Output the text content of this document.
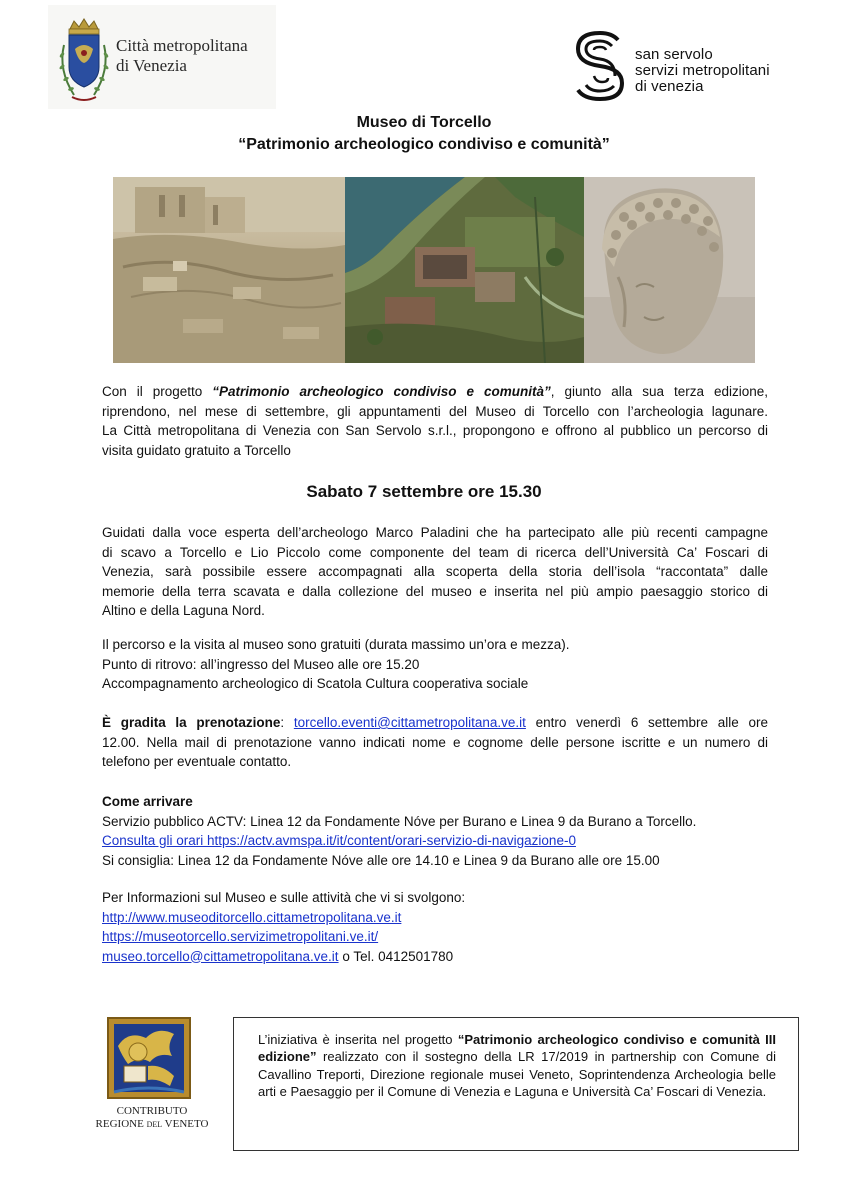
Città metropolitana
di Venezia
san servolo
servizi metropolitani
di venezia
Museo di Torcello
“Patrimonio archeologico condiviso e comunità”
Con il progetto “Patrimonio archeologico condiviso e comunità”, giunto alla sua terza edizione,
riprendono, nel mese di settembre, gli appuntamenti del Museo di Torcello con l’archeologia lagunare.
La Città metropolitana di Venezia con San Servolo s.r.l., propongono e offrono al pubblico un percorso di
visita guidato gratuito a Torcello
Sabato 7 settembre ore 15.30
Guidati dalla voce esperta dell’archeologo Marco Paladini che ha partecipato alle più recenti campagne
di scavo a Torcello e Lio Piccolo come componente del team di ricerca dell’Università Ca’ Foscari di
Venezia, sarà possibile essere accompagnati alla scoperta della storia dell’isola “raccontata” dalle
memorie della terra scavata e dalla collezione del museo e inserita nel più ampio paesaggio storico di
Altino e della Laguna Nord.
Il percorso e la visita al museo sono gratuiti (durata massimo un’ora e mezza).
Punto di ritrovo: all’ingresso del Museo alle ore 15.20
Accompagnamento archeologico di Scatola Cultura cooperativa sociale
È gradita la prenotazione: torcello.eventi@cittametropolitana.ve.it entro venerdì 6 settembre alle ore
12.00. Nella mail di prenotazione vanno indicati nome e cognome delle persone iscritte e un numero di
telefono per eventuale contatto.
Come arrivare
Servizio pubblico ACTV: Linea 12 da Fondamente Nóve per Burano e Linea 9 da Burano a Torcello.
Consulta gli orari https://actv.avmspa.it/it/content/orari-servizio-di-navigazione-0
Si consiglia: Linea 12 da Fondamente Nóve alle ore 14.10 e Linea 9 da Burano alle ore 15.00
Per Informazioni sul Museo e sulle attività che vi si svolgono:
http://www.museoditorcello.cittametropolitana.ve.it
https://museotorcello.servizimetropolitani.ve.it/
museo.torcello@cittametropolitana.ve.it o Tel. 0412501780
CONTRIBUTO
REGIONE DEL VENETO
L’iniziativa è inserita nel progetto “Patrimonio archeologico condiviso e comunità III edizione” realizzato con il sostegno della LR 17/2019 in partnership con Comune di Cavallino Treporti, Direzione regionale musei Veneto, Soprintendenza Archeologia belle arti e Paesaggio per il Comune di Venezia e Laguna e Università Ca’ Foscari di Venezia.
